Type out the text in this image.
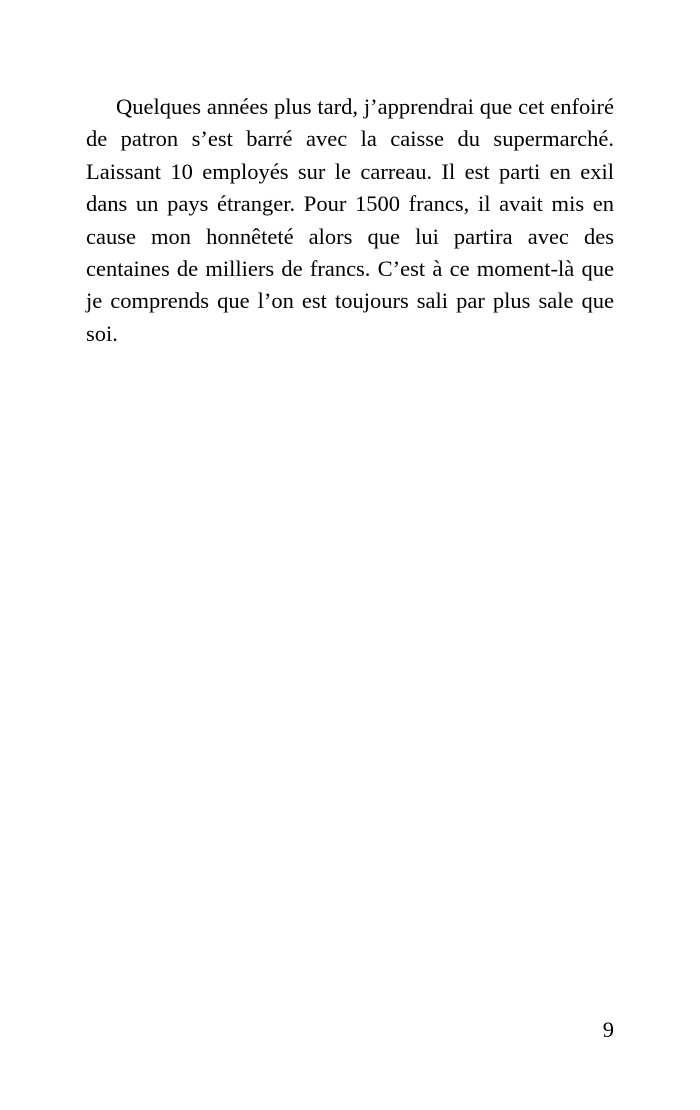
Quelques années plus tard, j’apprendrai que cet enfoiré de patron s’est barré avec la caisse du supermarché. Laissant 10 employés sur le carreau. Il est parti en exil dans un pays étranger. Pour 1500 francs, il avait mis en cause mon honnêteté alors que lui partira avec des centaines de milliers de francs. C’est à ce moment-là que je comprends que l’on est toujours sali par plus sale que soi.

9
